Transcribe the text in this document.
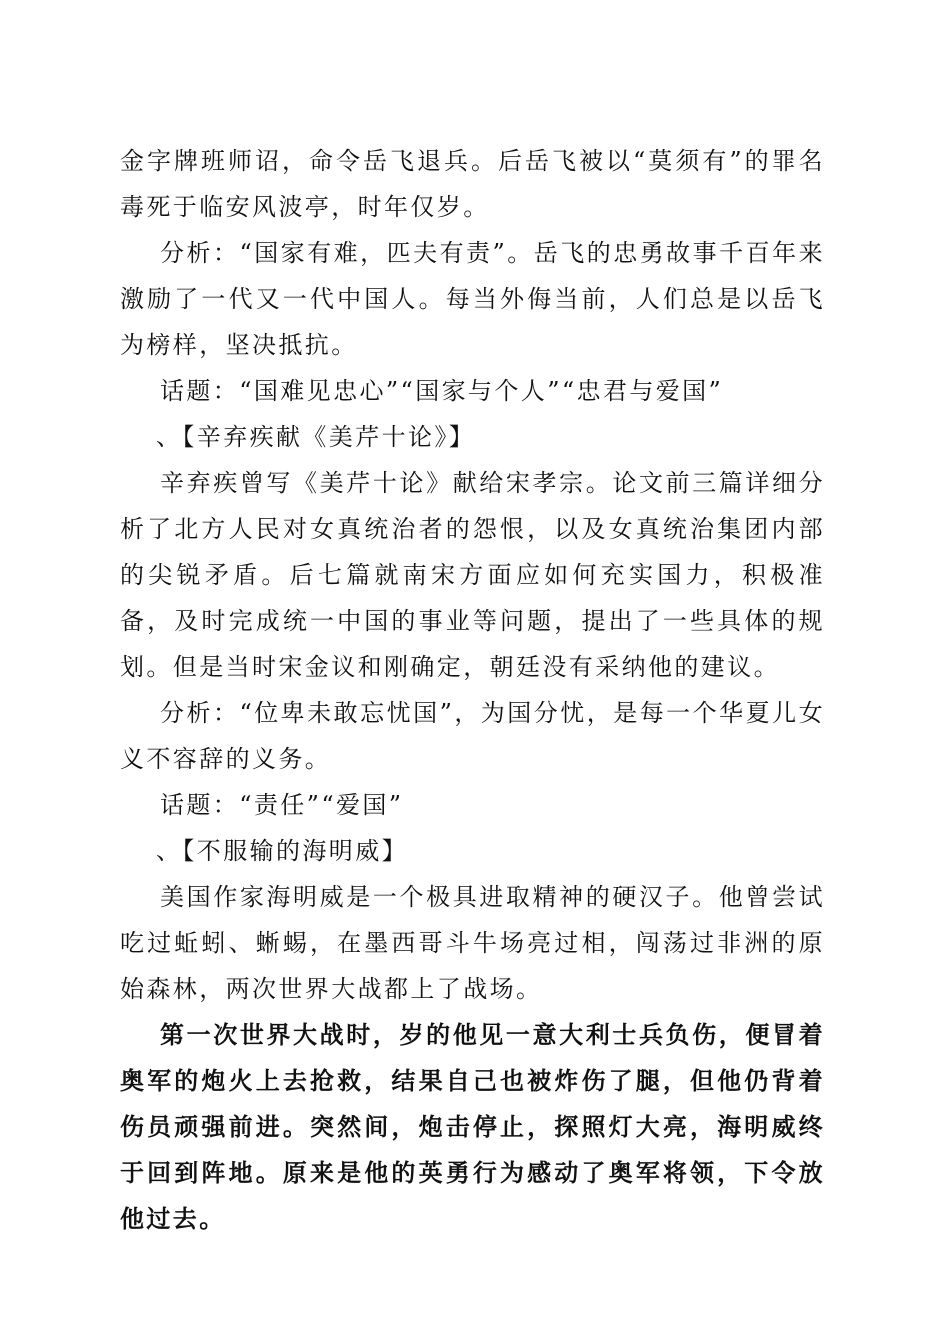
金字牌班师诏，命令岳飞退兵。后岳飞被以“莫须有”的罪名毒死于临安风波亭，时年仅岁。

分析：“国家有难，匹夫有责”。岳飞的忠勇故事千百年来激励了一代又一代中国人。每当外侮当前，人们总是以岳飞为榜样，坚决抵抗。

话题：“国难见忠心”“国家与个人”“忠君与爱国”

、【辛弃疾献《美芹十论》】

辛弃疾曾写《美芹十论》献给宋孝宗。论文前三篇详细分析了北方人民对女真统治者的怨恨，以及女真统治集团内部的尖锐矛盾。后七篇就南宋方面应如何充实国力，积极准备，及时完成统一中国的事业等问题，提出了一些具体的规划。但是当时宋金议和刚确定，朝廷没有采纳他的建议。

分析：“位卑未敢忘忧国”，为国分忧，是每一个华夏儿女义不容辞的义务。

话题：“责任”“爱国”

、【不服输的海明威】

美国作家海明威是一个极具进取精神的硬汉子。他曾尝试吃过蚯蚓、蜥蜴，在墨西哥斗牛场亮过相，闯荡过非洲的原始森林，两次世界大战都上了战场。

第一次世界大战时，岁的他见一意大利士兵负伤，便冒着奥军的炮火上去抢救，结果自己也被炸伤了腿，但他仍背着伤员顽强前进。突然间，炮击停止，探照灯大亮，海明威终于回到阵地。原来是他的英勇行为感动了奥军将领，下令放他过去。
